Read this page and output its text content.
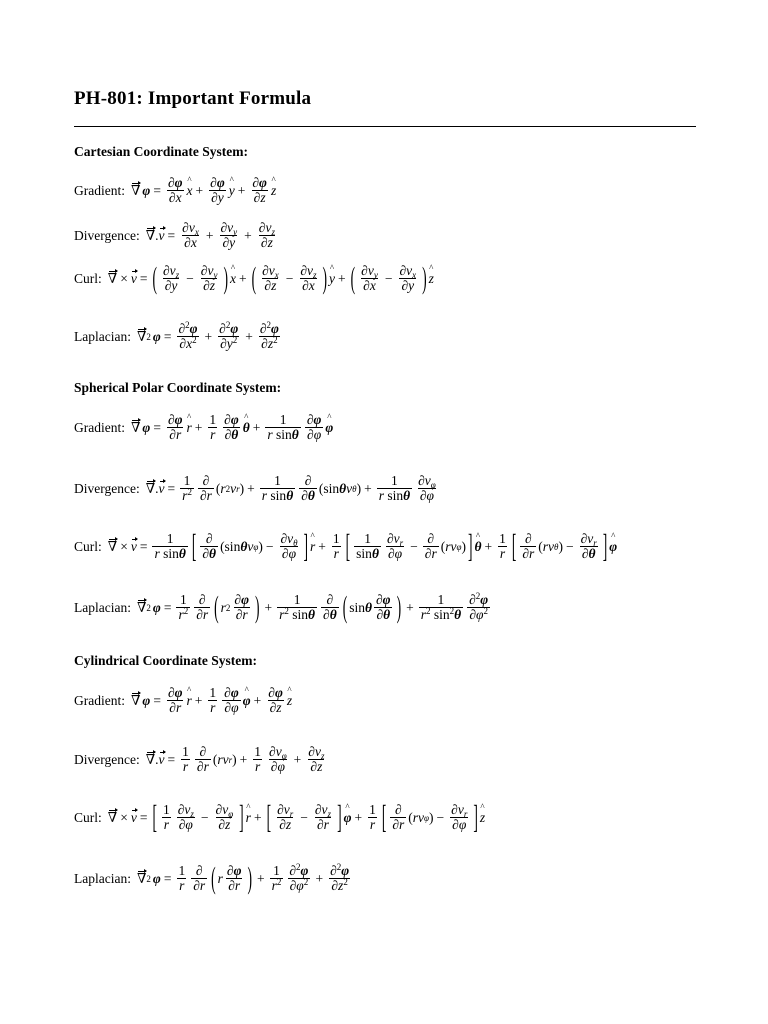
PH-801: Important Formula
Cartesian Coordinate System:
Gradient: ∇ $\varphi = \frac{\partial\varphi}{\partial x}$ ^ $x + \frac{\partial\varphi}{\partial y}$ ^ $y + \frac{\partial\varphi}{\partial z}$ ^ z
Divergence: ∇ . $v = \frac{\partial v_x}{\partial x} + \frac{\partial v_y}{\partial y} + \frac{\partial v_z}{\partial z}$
Curl: ∇ × v = ( $\frac{\partial v_z}{\partial y} - \frac{\partial v_y}{\partial z}$ ) ^ x + ( $\frac{\partial v_x}{\partial z} - \frac{\partial v_z}{\partial x}$ ) ^ y + ( $\frac{\partial v_y}{\partial x} - \frac{\partial v_x}{\partial y}$ ) ^ z
Laplacian: ∇ 2 $\varphi = \frac{\partial^2\varphi}{\partial x^2} + \frac{\partial^2\varphi}{\partial y^2} + \frac{\partial^2\varphi}{\partial z^2}$
Spherical Polar Coordinate System:
Gradient: ∇ $\varphi = \frac{\partial\varphi}{\partial r}$ ^ $r + \frac{1}{r} \frac{\partial\varphi}{\partial\theta}$ ^ $\theta + \frac{1}{\text{r sinθ}} \frac{\partial\varphi}{\partial\varphi}$ ^ φ
Divergence: ∇ . $v = \frac{1}{r^2} \frac{\partial}{\partial r}$ ( r 2 v r ) + $\frac{1}{\text{r sinθ}} \frac{\partial}{\partial\theta} (\sin$ θ v θ ) + $\frac{1}{\text{r sinθ}} \frac{\partial v_\varphi}{\partial\varphi}$
Curl: ∇ × $v = \frac{1}{\text{r sinθ}}$ [ $\frac{\partial}{\partial\theta} (\sin$ θ v φ ) − $\frac{\partial v_\theta}{\partial\varphi}$ ] ^ $r + \frac{1}{r}$ [ $\frac{1}{\sin\theta} \frac{\partial v_r}{\partial\varphi} - \frac{\partial}{\partial r}$ ( r v φ ) ] ^ $\theta + \frac{1}{r}$ [ $\frac{\partial}{\partial r}$ ( r v θ ) − $\frac{\partial v_r}{\partial\theta}$ ] ^ φ
Laplacian: ∇ 2 $\varphi = \frac{1}{r^2} \frac{\partial}{\partial r}$ ( r $2 \frac{\partial\varphi}{\partial r}$ ) + $\frac{1}{r^2 \sin\theta} \frac{\partial}{\partial\theta}$ ( sin θ $\frac{\partial\varphi}{\partial\theta}$ ) + $\frac{1}{r^2 \sin^2\theta} \frac{\partial^2\varphi}{\partial\varphi^2}$
Cylindrical Coordinate System:
Gradient: ∇ $\varphi = \frac{\partial\varphi}{\partial r}$ ^ $r + \frac{1}{r} \frac{\partial\varphi}{\partial\varphi}$ ^ $\varphi + \frac{\partial\varphi}{\partial z}$ ^ z
Divergence: ∇ . $v = \frac{1}{r} \frac{\partial}{\partial r}$ ( r v r ) + $\frac{1}{r} \frac{\partial v_\varphi}{\partial\varphi} + \frac{\partial v_z}{\partial z}$
Curl: ∇ × v = [ $\frac{1}{r} \frac{\partial v_z}{\partial\varphi} - \frac{\partial v_\varphi}{\partial z}$ ] ^ r + [ $\frac{\partial v_r}{\partial z} - \frac{\partial v_z}{\partial r}$ ] ^ $\varphi + \frac{1}{r}$ [ $\frac{\partial}{\partial r}$ ( r v φ ) − $\frac{\partial v_r}{\partial\varphi}$ ] ^ z
Laplacian: ∇ 2 $\varphi = \frac{1}{r} \frac{\partial}{\partial r}$ ( r $\frac{\partial\varphi}{\partial r}$ ) + $\frac{1}{r^2} \frac{\partial^2\varphi}{\partial\varphi^2} + \frac{\partial^2\varphi}{\partial z^2}$
